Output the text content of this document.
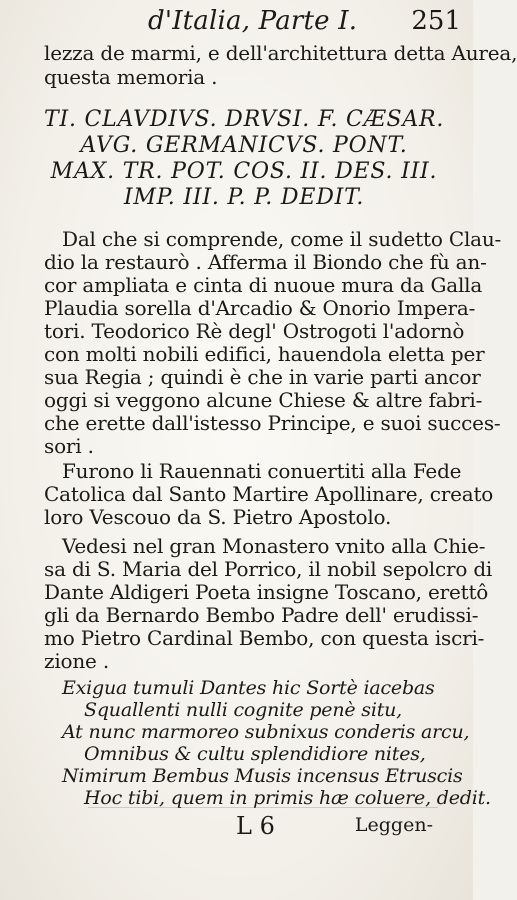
d'Italia, Parte I. 251
lezza de marmi, e dell'architettura detta Aurea,
questa memoria .
TI. CLAVDIVS. DRVSI. F. CÆSAR.
AVG. GERMANICVS. PONT.
MAX. TR. POT. COS. II. DES. III.
IMP. III. P. P. DEDIT.
Dal che si comprende, come il sudetto Clau-
dio la restaurò . Afferma il Biondo che fù an-
cor ampliata e cinta di nuoue mura da Galla
Plaudia sorella d'Arcadio & Onorio Impera-
tori. Teodorico Rè degl' Ostrogoti l'adornò
con molti nobili edifici, hauendola eletta per
sua Regia ; quindi è che in varie parti ancor
oggi si veggono alcune Chiese & altre fabri-
che erette dall'istesso Principe, e suoi succes-
sori .
Furono li Rauennati conuertiti alla Fede
Catolica dal Santo Martire Apollinare, creato
loro Vescouo da S. Pietro Apostolo.
Vedesi nel gran Monastero vnito alla Chie-
sa di S. Maria del Porrico, il nobil sepolcro di
Dante Aldigeri Poeta insigne Toscano, erettô
gli da Bernardo Bembo Padre dell' erudissi-
mo Pietro Cardinal Bembo, con questa iscri-
zione .
Exigua tumuli Dantes hic Sortè iacebas
Squallenti nulli cognite penè situ,
At nunc marmoreo subnixus conderis arcu,
Omnibus & cultu splendidiore nites,
Nimirum Bembus Musis incensus Etruscis
Hoc tibi, quem in primis hæ coluere, dedit.
L 6	Leggen-
